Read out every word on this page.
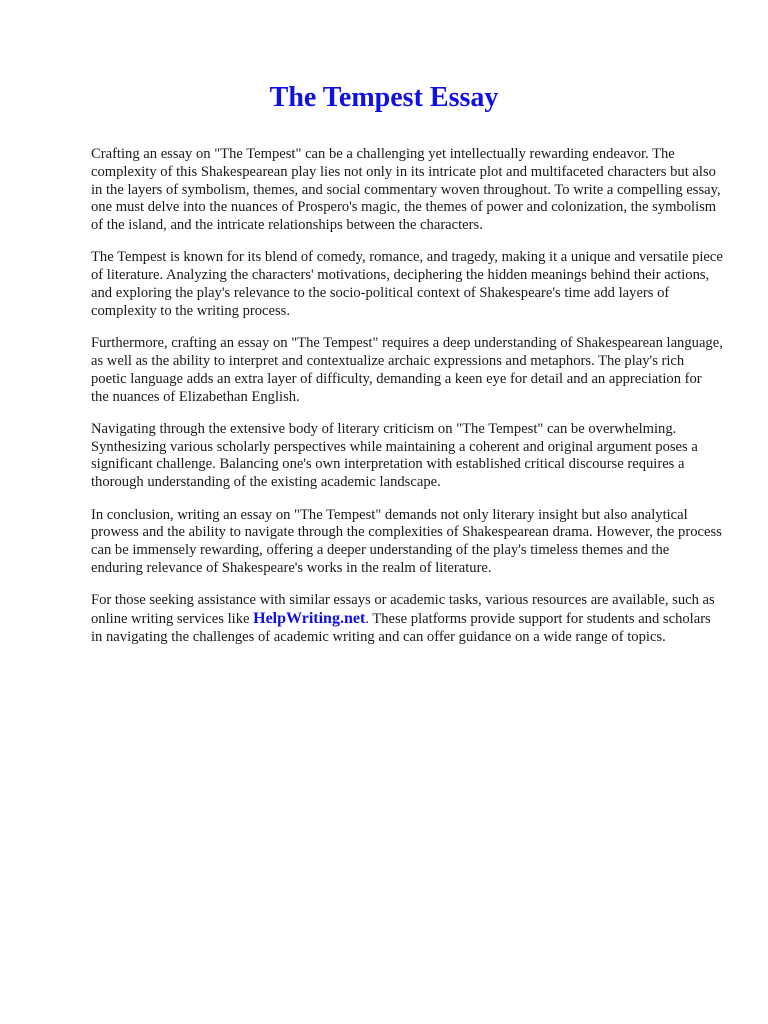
The Tempest Essay

Crafting an essay on "The Tempest" can be a challenging yet intellectually rewarding endeavor. The complexity of this Shakespearean play lies not only in its intricate plot and multifaceted characters but also in the layers of symbolism, themes, and social commentary woven throughout. To write a compelling essay, one must delve into the nuances of Prospero's magic, the themes of power and colonization, the symbolism of the island, and the intricate relationships between the characters.

The Tempest is known for its blend of comedy, romance, and tragedy, making it a unique and versatile piece of literature. Analyzing the characters' motivations, deciphering the hidden meanings behind their actions, and exploring the play's relevance to the socio-political context of Shakespeare's time add layers of complexity to the writing process.

Furthermore, crafting an essay on "The Tempest" requires a deep understanding of Shakespearean language, as well as the ability to interpret and contextualize archaic expressions and metaphors. The play's rich poetic language adds an extra layer of difficulty, demanding a keen eye for detail and an appreciation for the nuances of Elizabethan English.

Navigating through the extensive body of literary criticism on "The Tempest" can be overwhelming. Synthesizing various scholarly perspectives while maintaining a coherent and original argument poses a significant challenge. Balancing one's own interpretation with established critical discourse requires a thorough understanding of the existing academic landscape.

In conclusion, writing an essay on "The Tempest" demands not only literary insight but also analytical prowess and the ability to navigate through the complexities of Shakespearean drama. However, the process can be immensely rewarding, offering a deeper understanding of the play's timeless themes and the enduring relevance of Shakespeare's works in the realm of literature.

For those seeking assistance with similar essays or academic tasks, various resources are available, such as online writing services like HelpWriting.net. These platforms provide support for students and scholars in navigating the challenges of academic writing and can offer guidance on a wide range of topics.
